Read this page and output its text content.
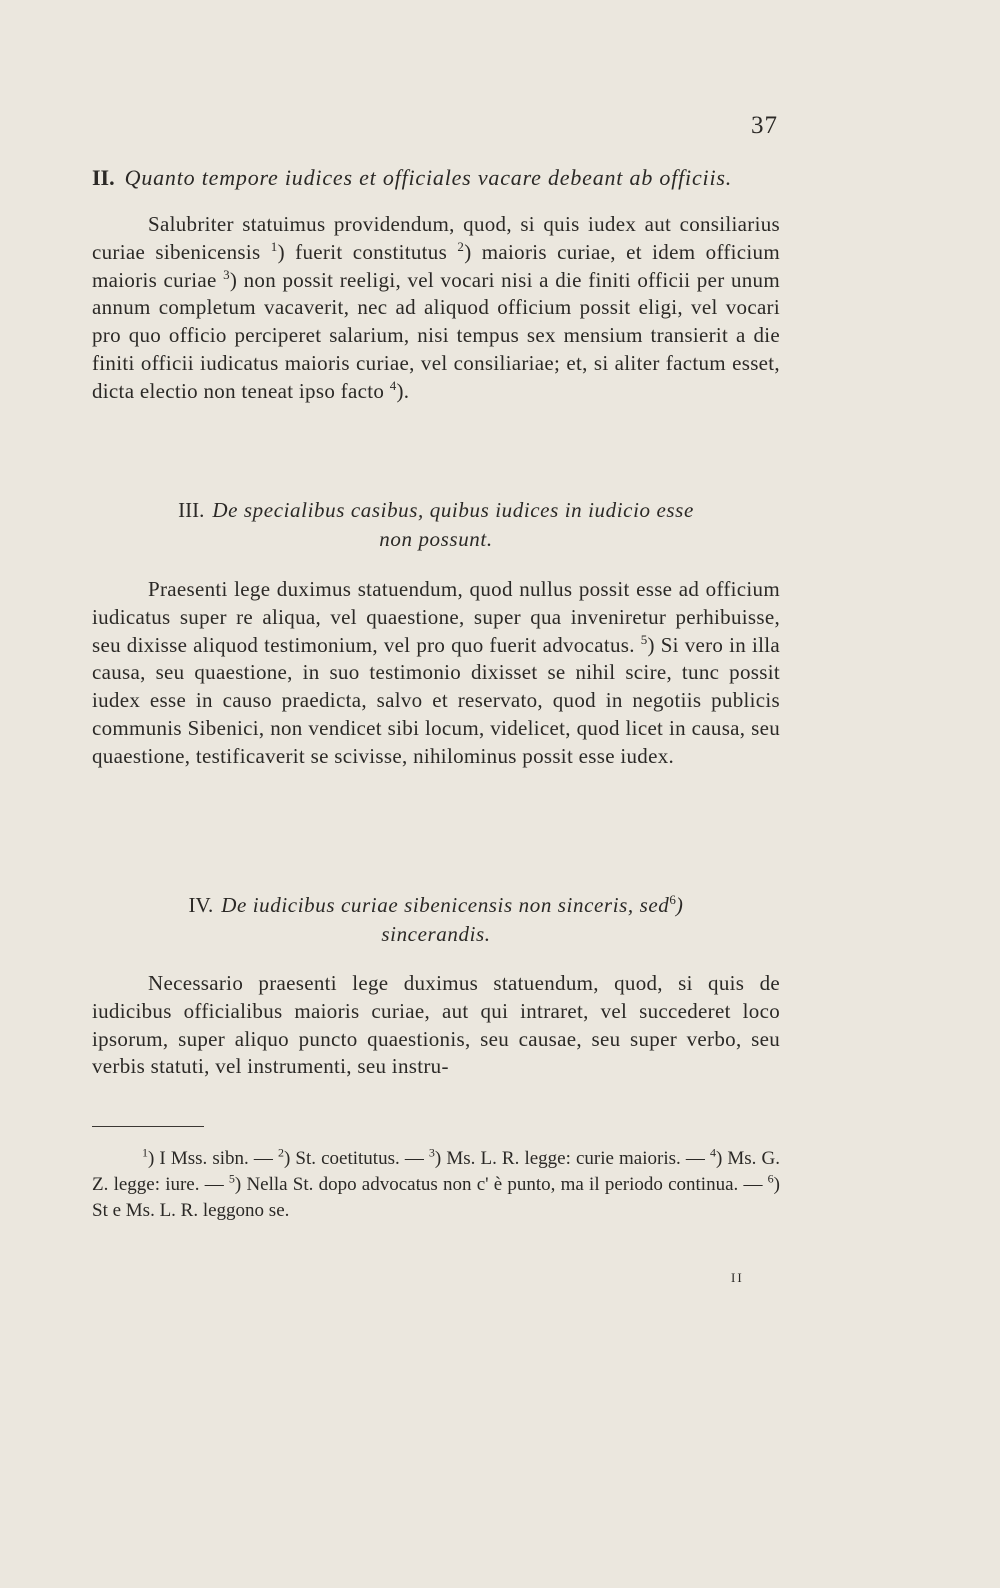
37
II. Quanto tempore iudices et officiales vacare debeant ab officiis.

Salubriter statuimus providendum, quod, si quis iudex aut consiliarius curiae sibenicensis $^1$) fuerit constitutus $^2$) maioris curiae, et idem officium maioris curiae $^3$) non possit reeligi, vel vocari nisi a die finiti officii per unum annum completum vacaverit, nec ad aliquod officium possit eligi, vel vocari pro quo officio perciperet salarium, nisi tempus sex mensium transierit a die finiti officii iudicatus maioris curiae, vel consiliariae; et, si aliter factum esset, dicta electio non teneat ipso facto $^4$).

III. De specialibus casibus, quibus iudices in iudicio esse non possunt.

Praesenti lege duximus statuendum, quod nullus possit esse ad officium iudicatus super re aliqua, vel quaestione, super qua inveniretur perhibuisse, seu dixisse aliquod testimonium, vel pro quo fuerit advocatus. $^5$) Si vero in illa causa, seu quaestione, in suo testimonio dixisset se nihil scire, tunc possit iudex esse in causo praedicta, salvo et reservato, quod in negotiis publicis communis Sibenici, non vendicet sibi locum, videlicet, quod licet in causa, seu quaestione, testificaverit se scivisse, nihilominus possit esse iudex.

IV. De iudicibus curiae sibenicensis non sinceris, sed$^6$) sincerandis.

Necessario praesenti lege duximus statuendum, quod, si quis de iudicibus officialibus maioris curiae, aut qui intraret, vel succederet loco ipsorum, super aliquo puncto quaestionis, seu causae, seu super verbo, seu verbis statuti, vel instrumenti, seu instru-

$^1$) I Mss. sibn. — $^2$) St. coetitutus. — $^3$) Ms. L. R. legge: curie maioris. — $^4$) Ms. G. Z. legge: iure. — $^5$) Nella St. dopo advocatus non c' è punto, ma il periodo continua. — $^6$) St e Ms. L. R. leggono se.

II
